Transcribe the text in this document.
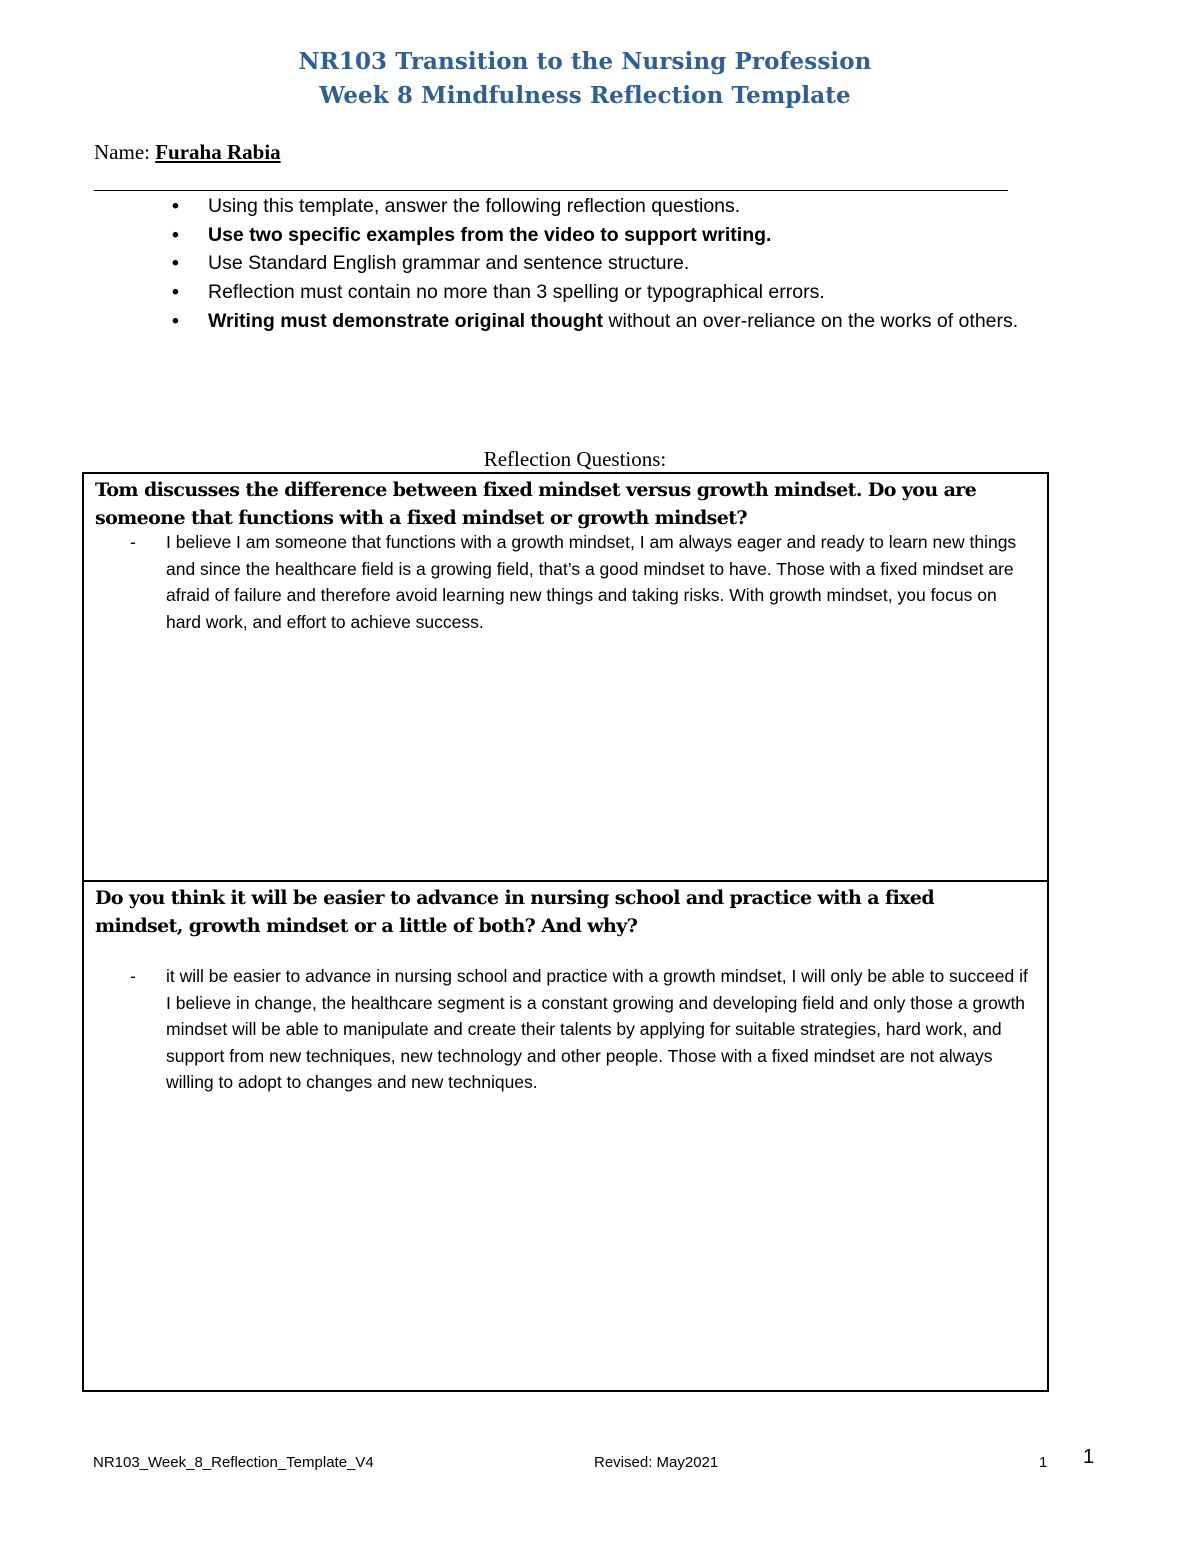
NR103 Transition to the Nursing Profession
Week 8 Mindfulness Reflection Template
Name: Furaha Rabia
• Using this template, answer the following reflection questions.
• Use two specific examples from the video to support writing.
• Use Standard English grammar and sentence structure.
• Reflection must contain no more than 3 spelling or typographical errors.
• Writing must demonstrate original thought without an over-reliance on the works of others.
Reflection Questions:
Tom discusses the difference between fixed mindset versus growth mindset. Do you are someone that functions with a fixed mindset or growth mindset?
- I believe I am someone that functions with a growth mindset, I am always eager and ready to learn new things and since the healthcare field is a growing field, that’s a good mindset to have. Those with a fixed mindset are afraid of failure and therefore avoid learning new things and taking risks. With growth mindset, you focus on hard work, and effort to achieve success.
Do you think it will be easier to advance in nursing school and practice with a fixed mindset, growth mindset or a little of both? And why?
- it will be easier to advance in nursing school and practice with a growth mindset, I will only be able to succeed if I believe in change, the healthcare segment is a constant growing and developing field and only those a growth mindset will be able to manipulate and create their talents by applying for suitable strategies, hard work, and support from new techniques, new technology and other people. Those with a fixed mindset are not always willing to adopt to changes and new techniques.
NR103_Week_8_Reflection_Template_V4	Revised: May2021	1 1
